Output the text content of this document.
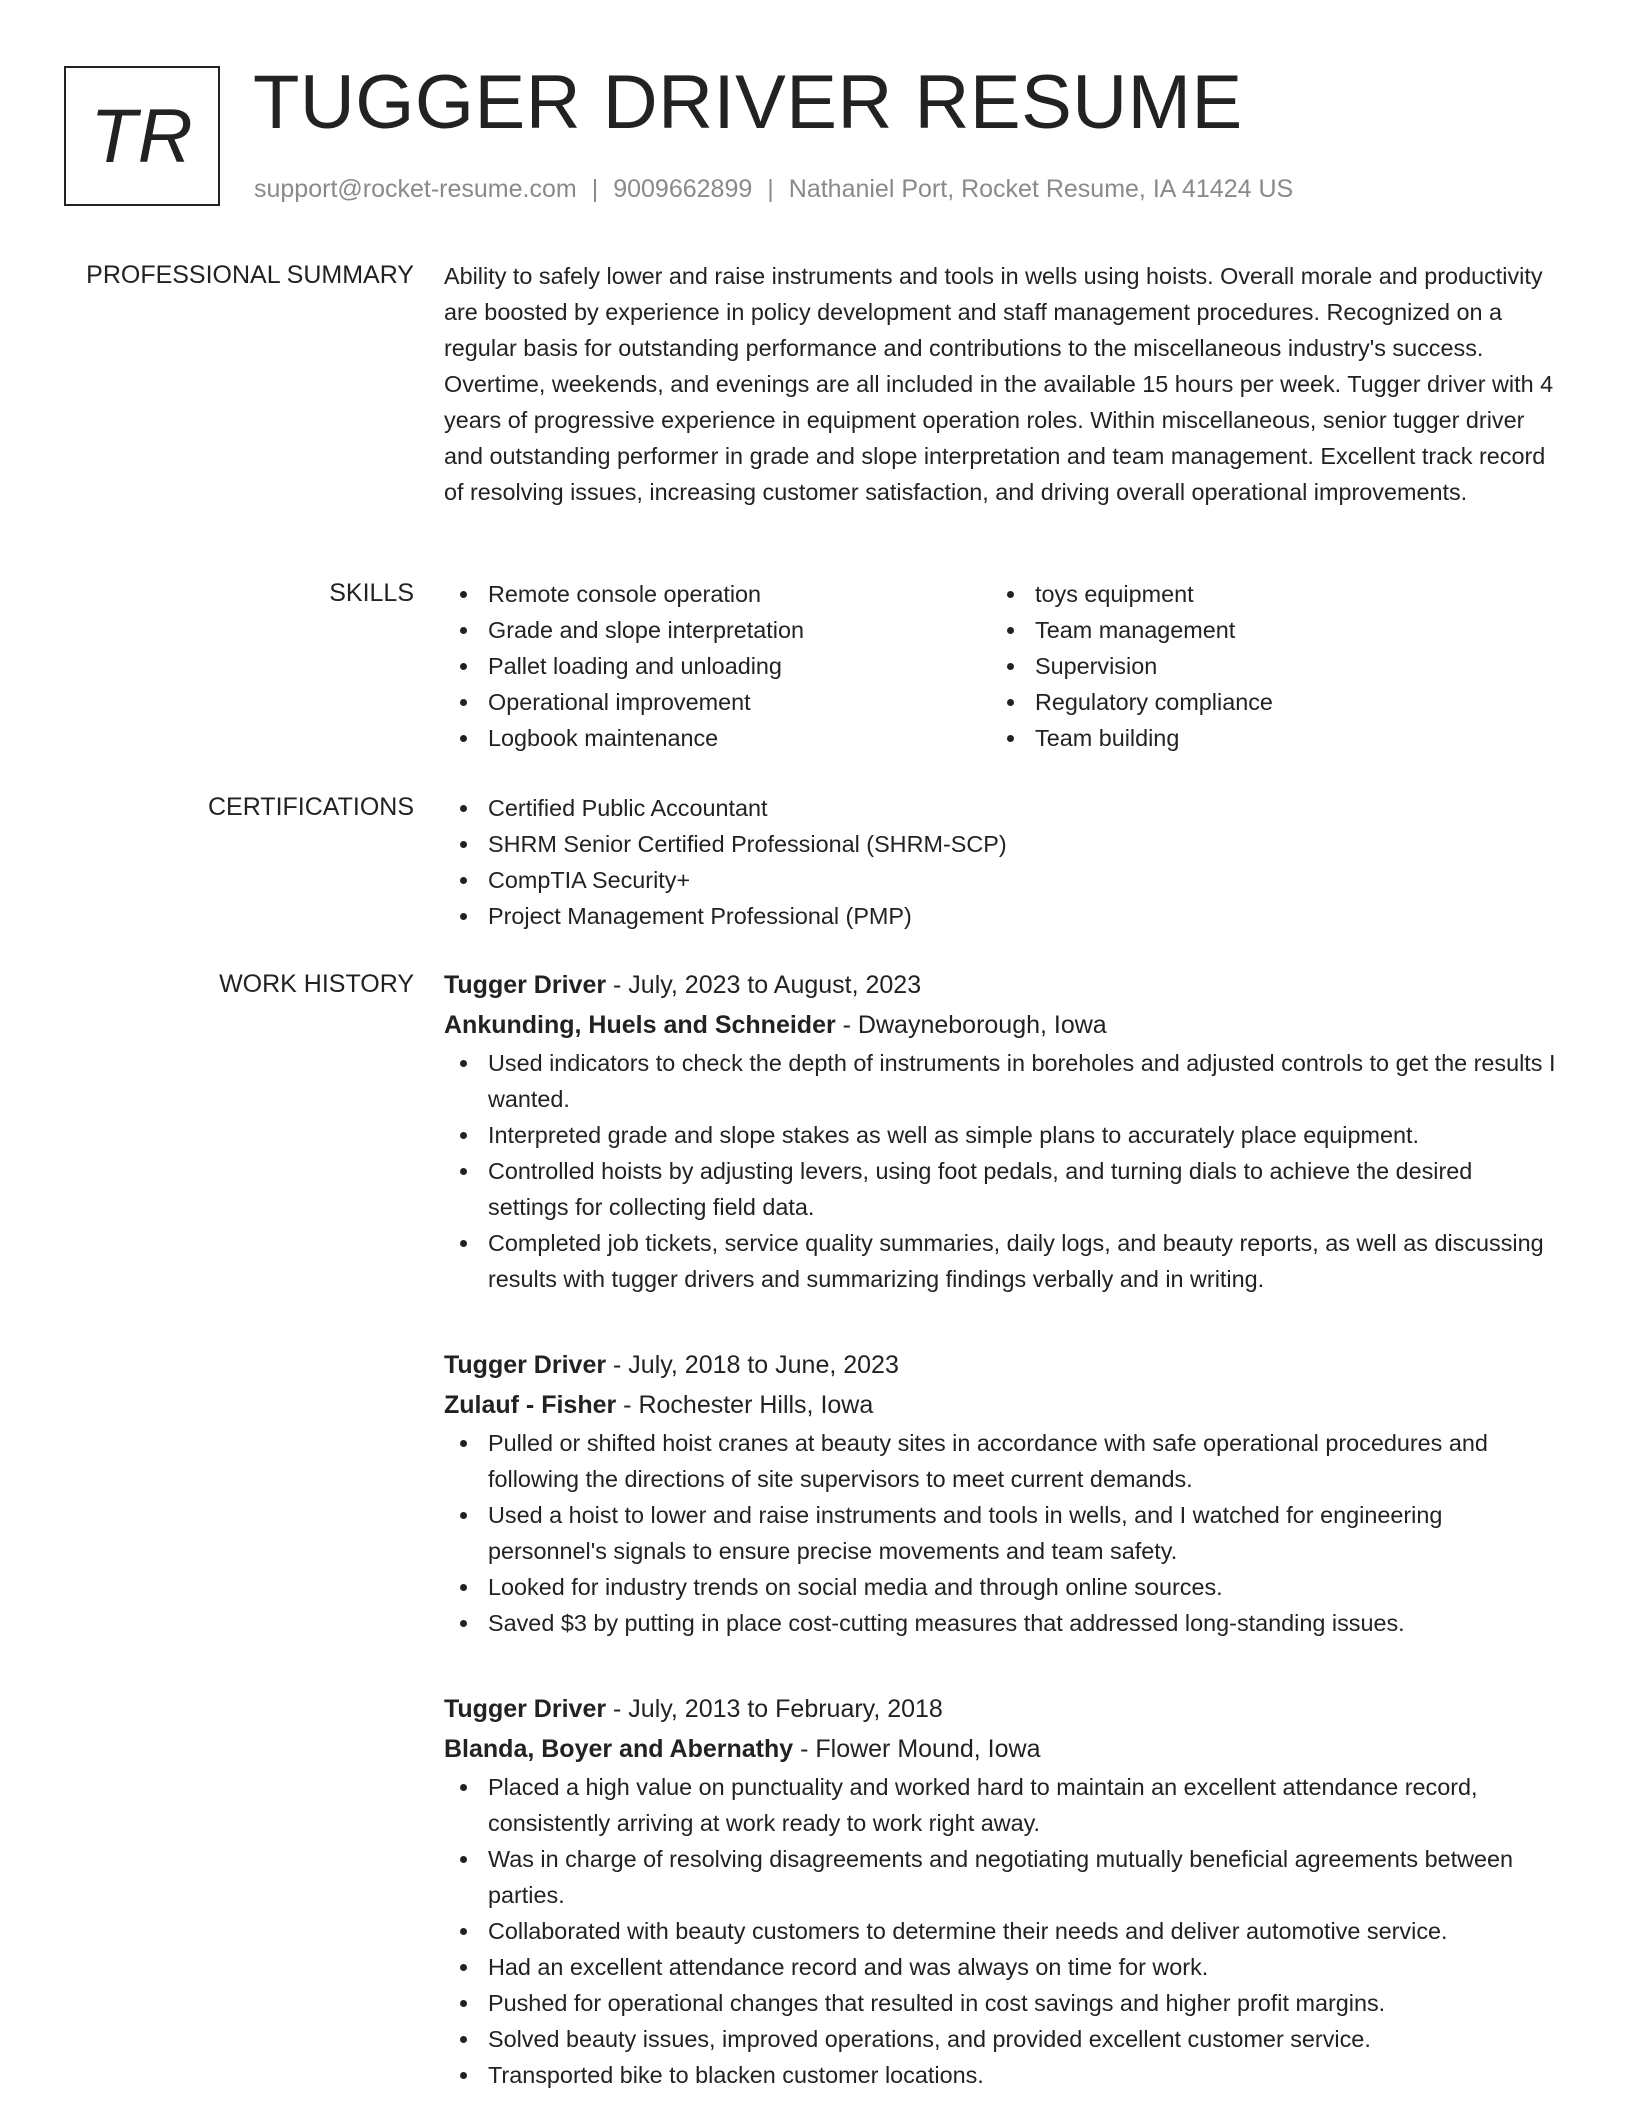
TR TUGGER DRIVER RESUME
support@rocket-resume.com | 9009662899 | Nathaniel Port, Rocket Resume, IA 41424 US
PROFESSIONAL SUMMARY Ability to safely lower and raise instruments and tools in wells using hoists. Overall morale and productivity are boosted by experience in policy development and staff management procedures. Recognized on a regular basis for outstanding performance and contributions to the miscellaneous industry's success. Overtime, weekends, and evenings are all included in the available 15 hours per week. Tugger driver with 4 years of progressive experience in equipment operation roles. Within miscellaneous, senior tugger driver and outstanding performer in grade and slope interpretation and team management. Excellent track record of resolving issues, increasing customer satisfaction, and driving overall operational improvements.

SKILLS	Remote console operation
Grade and slope interpretation
Pallet loading and unloading
Operational improvement
Logbook maintenance
toys equipment
Team management
Supervision
Regulatory compliance
Team building
CERTIFICATIONS	Certified Public Accountant
SHRM Senior Certified Professional (SHRM-SCP)
CompTIA Security+
Project Management Professional (PMP)
WORK HISTORY Tugger Driver - July, 2023 to August, 2023
Ankunding, Huels and Schneider - Dwayneborough, Iowa
Used indicators to check the depth of instruments in boreholes and adjusted controls to get the results I wanted.
Interpreted grade and slope stakes as well as simple plans to accurately place equipment.
Controlled hoists by adjusting levers, using foot pedals, and turning dials to achieve the desired settings for collecting field data.
Completed job tickets, service quality summaries, daily logs, and beauty reports, as well as discussing results with tugger drivers and summarizing findings verbally and in writing.
Tugger Driver - July, 2018 to June, 2023
Zulauf - Fisher - Rochester Hills, Iowa
Pulled or shifted hoist cranes at beauty sites in accordance with safe operational procedures and following the directions of site supervisors to meet current demands.
Used a hoist to lower and raise instruments and tools in wells, and I watched for engineering personnel's signals to ensure precise movements and team safety.
Looked for industry trends on social media and through online sources.
Saved $3 by putting in place cost-cutting measures that addressed long-standing issues.
Tugger Driver - July, 2013 to February, 2018
Blanda, Boyer and Abernathy - Flower Mound, Iowa
Placed a high value on punctuality and worked hard to maintain an excellent attendance record, consistently arriving at work ready to work right away.
Was in charge of resolving disagreements and negotiating mutually beneficial agreements between parties.
Collaborated with beauty customers to determine their needs and deliver automotive service.
Had an excellent attendance record and was always on time for work.
Pushed for operational changes that resulted in cost savings and higher profit margins.
Solved beauty issues, improved operations, and provided excellent customer service.
Transported bike to blacken customer locations.
